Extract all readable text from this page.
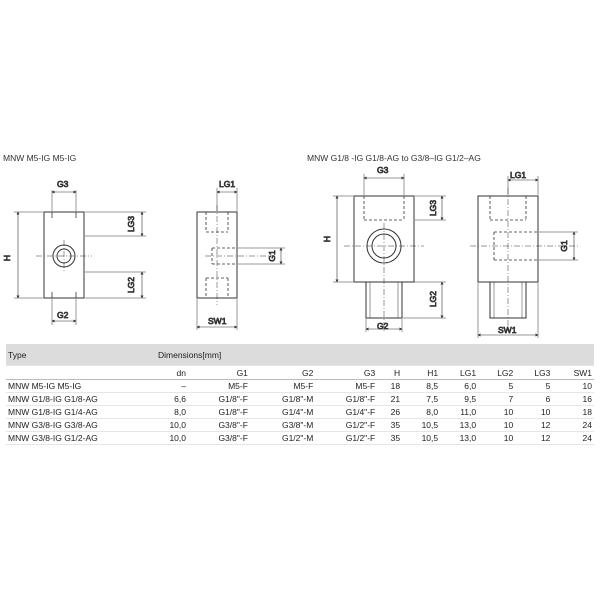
MNW M5-IG M5-IG	MNW G1/8 -IG G1/8-AG to G3/8–IG G1/2–AG
G3
G2
H
LG3
LG2
LG1
G1
SW1
G3
G2
H
LG3
LG2
LG1
G1
SW1
Type	Dimensions[mm]									
	dn	G1	G2	G3	H	H1	LG1	LG2	LG3	SW1
MNW M5-IG M5-IG	–	M5-F	M5-F	M5-F	18	8,5	6,0	5	5	10
MNW G1/8-IG G1/8-AG	6,6	G1/8"-F	G1/8"-M	G1/8"-F	21	7,5	9,5	7	6	16
MNW G1/8-IG G1/4-AG	8,0	G1/8"-F	G1/4"-M	G1/4"-F	26	8,0	11,0	10	10	18
MNW G3/8-IG G3/8-AG	10,0	G3/8"-F	G3/8"-M	G1/2"-F	35	10,5	13,0	10	12	24
MNW G3/8-IG G1/2-AG	10,0	G3/8"-F	G1/2"-M	G1/2"-F	35	10,5	13,0	10	12	24
